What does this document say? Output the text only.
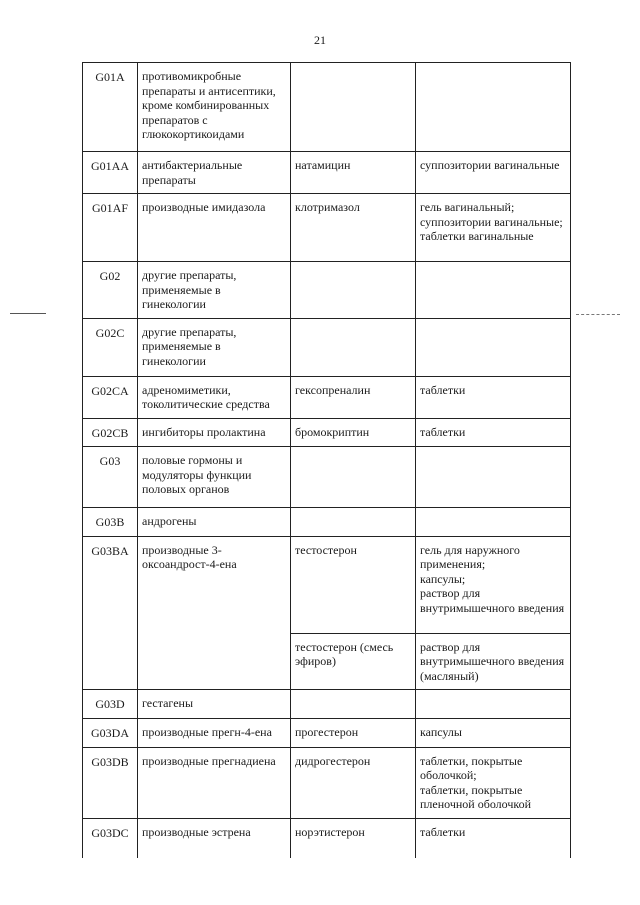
21
G01A	противомикробные препараты и антисептики, кроме комбинированных препаратов с глюкокортикоидами		
G01AA	антибактериальные препараты	натамицин	суппозитории вагинальные

G01AF	производные имидазола	клотримазол	гель вагинальный;
суппозитории вагинальные;
таблетки вагинальные

G02	другие препараты, применяемые в гинекологии		
G02C	другие препараты, применяемые в гинекологии		
G02CA	адреномиметики, токолитические средства	гексопреналин	таблетки

G02CB	ингибиторы пролактина	бромокриптин	таблетки

G03	половые гормоны и модуляторы функции половых органов		
G03B	андрогены		
G03BA	производные 3-оксоандрост-4-ена	тестостерон	гель для наружного применения;
капсулы;
раствор для внутримышечного введения

		тестостерон (смесь эфиров)	раствор для внутримышечного введения (масляный)

G03D	гестагены		
G03DA	производные прегн-4-ена	прогестерон	капсулы

G03DB	производные прегнадиена	дидрогестерон	таблетки, покрытые оболочкой;
таблетки, покрытые пленочной оболочкой

G03DC	производные эстрена	норэтистерон	таблетки
